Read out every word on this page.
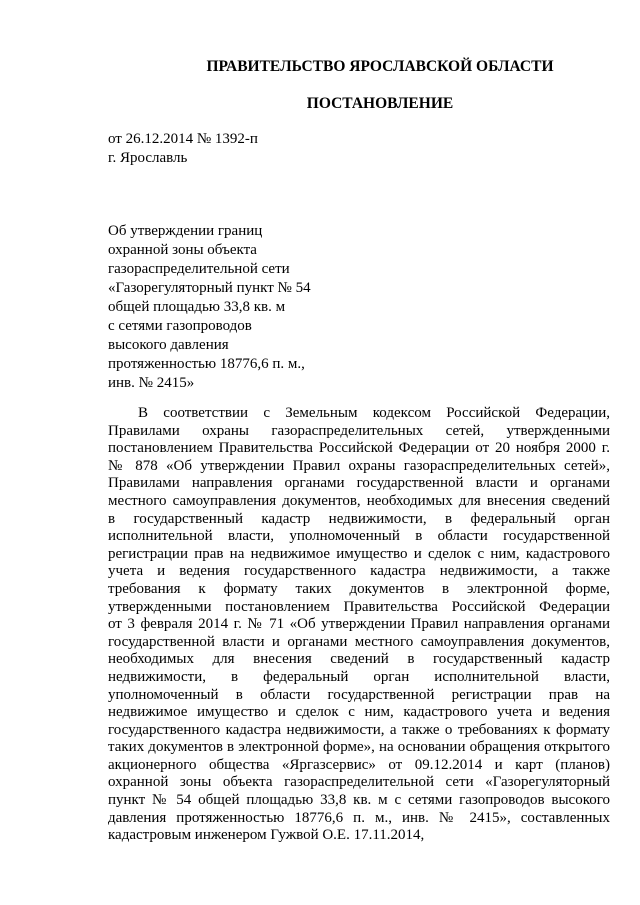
ПРАВИТЕЛЬСТВО ЯРОСЛАВСКОЙ ОБЛАСТИ
ПОСТАНОВЛЕНИЕ
от 26.12.2014 № 1392-п
г. Ярославль
Об утверждении границ
охранной зоны объекта
газораспределительной сети
«Газорегуляторный пункт № 54
общей площадью 33,8 кв. м
с сетями газопроводов
высокого давления
протяженностью 18776,6 п. м.,
инв. № 2415»
В соответствии с Земельным кодексом Российской Федерации,
Правилами охраны газораспределительных сетей, утвержденными
постановлением Правительства Российской Федерации от 20 ноября 2000 г.
№ 878 «Об утверждении Правил охраны газораспределительных сетей»,
Правилами направления органами государственной власти и органами
местного самоуправления документов, необходимых для внесения сведений
в государственный кадастр недвижимости, в федеральный орган
исполнительной власти, уполномоченный в области государственной
регистрации прав на недвижимое имущество и сделок с ним, кадастрового
учета и ведения государственного кадастра недвижимости, а также
требования к формату таких документов в электронной форме,
утвержденными постановлением Правительства Российской Федерации
от 3 февраля 2014 г. № 71 «Об утверждении Правил направления органами
государственной власти и органами местного самоуправления документов,
необходимых для внесения сведений в государственный кадастр
недвижимости, в федеральный орган исполнительной власти,
уполномоченный в области государственной регистрации прав на
недвижимое имущество и сделок с ним, кадастрового учета и ведения
государственного кадастра недвижимости, а также о требованиях к формату
таких документов в электронной форме», на основании обращения открытого
акционерного общества «Яргазсервис» от 09.12.2014 и карт (планов)
охранной зоны объекта газораспределительной сети «Газорегуляторный
пункт № 54 общей площадью 33,8 кв. м с сетями газопроводов высокого
давления протяженностью 18776,6 п. м., инв. № 2415», составленных
кадастровым инженером Гужвой О.Е. 17.11.2014,
